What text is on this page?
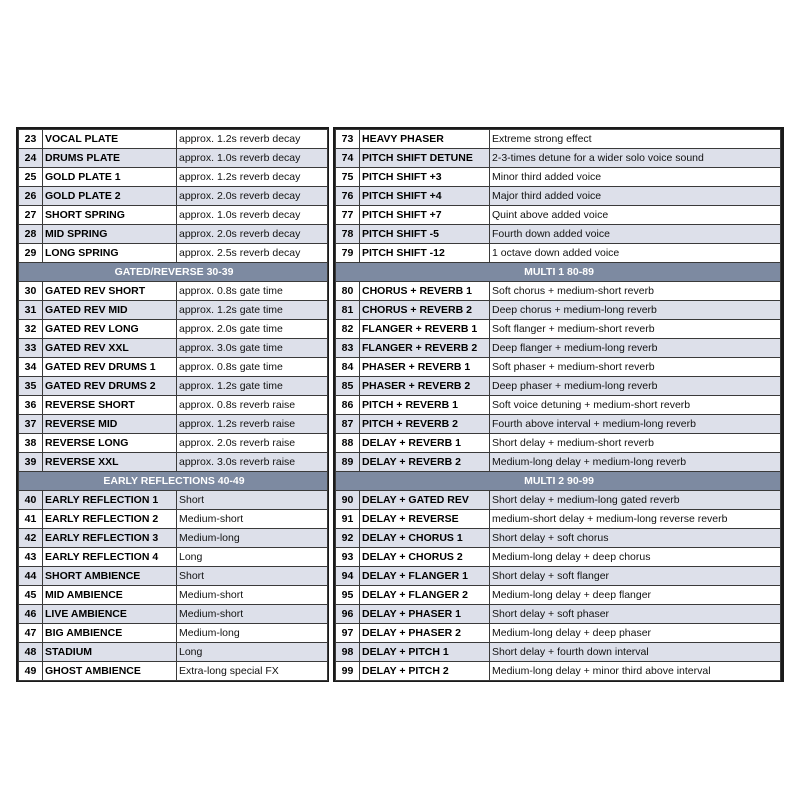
23	VOCAL PLATE	approx. 1.2s reverb decay
24	DRUMS PLATE	approx. 1.0s reverb decay
25	GOLD PLATE 1	approx. 1.2s reverb decay
26	GOLD PLATE 2	approx. 2.0s reverb decay
27	SHORT SPRING	approx. 1.0s reverb decay
28	MID SPRING	approx. 2.0s reverb decay
29	LONG SPRING	approx. 2.5s reverb decay
GATED/REVERSE 30-39		
30	GATED REV SHORT	approx. 0.8s gate time
31	GATED REV MID	approx. 1.2s gate time
32	GATED REV LONG	approx. 2.0s gate time
33	GATED REV XXL	approx. 3.0s gate time
34	GATED REV DRUMS 1	approx. 0.8s gate time
35	GATED REV DRUMS 2	approx. 1.2s gate time
36	REVERSE SHORT	approx. 0.8s reverb raise
37	REVERSE MID	approx. 1.2s reverb raise
38	REVERSE LONG	approx. 2.0s reverb raise
39	REVERSE XXL	approx. 3.0s reverb raise
EARLY REFLECTIONS 40-49		
40	EARLY REFLECTION 1	Short
41	EARLY REFLECTION 2	Medium-short
42	EARLY REFLECTION 3	Medium-long
43	EARLY REFLECTION 4	Long
44	SHORT AMBIENCE	Short
45	MID AMBIENCE	Medium-short
46	LIVE AMBIENCE	Medium-short
47	BIG AMBIENCE	Medium-long
48	STADIUM	Long
49	GHOST AMBIENCE	Extra-long special FX
73	HEAVY PHASER	Extreme strong effect
74	PITCH SHIFT DETUNE	2-3-times detune for a wider solo voice sound
75	PITCH SHIFT +3	Minor third added voice
76	PITCH SHIFT +4	Major third added voice
77	PITCH SHIFT +7	Quint above added voice
78	PITCH SHIFT -5	Fourth down added voice
79	PITCH SHIFT -12	1 octave down added voice
MULTI 1 80-89		
80	CHORUS + REVERB 1	Soft chorus + medium-short reverb
81	CHORUS + REVERB 2	Deep chorus + medium-long reverb
82	FLANGER + REVERB 1	Soft flanger + medium-short reverb
83	FLANGER + REVERB 2	Deep flanger + medium-long reverb
84	PHASER + REVERB 1	Soft phaser + medium-short reverb
85	PHASER + REVERB 2	Deep phaser + medium-long reverb
86	PITCH + REVERB 1	Soft voice detuning + medium-short reverb
87	PITCH + REVERB 2	Fourth above interval + medium-long reverb
88	DELAY + REVERB 1	Short delay + medium-short reverb
89	DELAY + REVERB 2	Medium-long delay + medium-long reverb
MULTI 2 90-99		
90	DELAY + GATED REV	Short delay + medium-long gated reverb
91	DELAY + REVERSE	medium-short delay + medium-long reverse reverb
92	DELAY + CHORUS 1	Short delay + soft chorus
93	DELAY + CHORUS 2	Medium-long delay + deep chorus
94	DELAY + FLANGER 1	Short delay + soft flanger
95	DELAY + FLANGER 2	Medium-long delay + deep flanger
96	DELAY + PHASER 1	Short delay + soft phaser
97	DELAY + PHASER 2	Medium-long delay + deep phaser
98	DELAY + PITCH 1	Short delay + fourth down interval
99	DELAY + PITCH 2	Medium-long delay + minor third above interval
